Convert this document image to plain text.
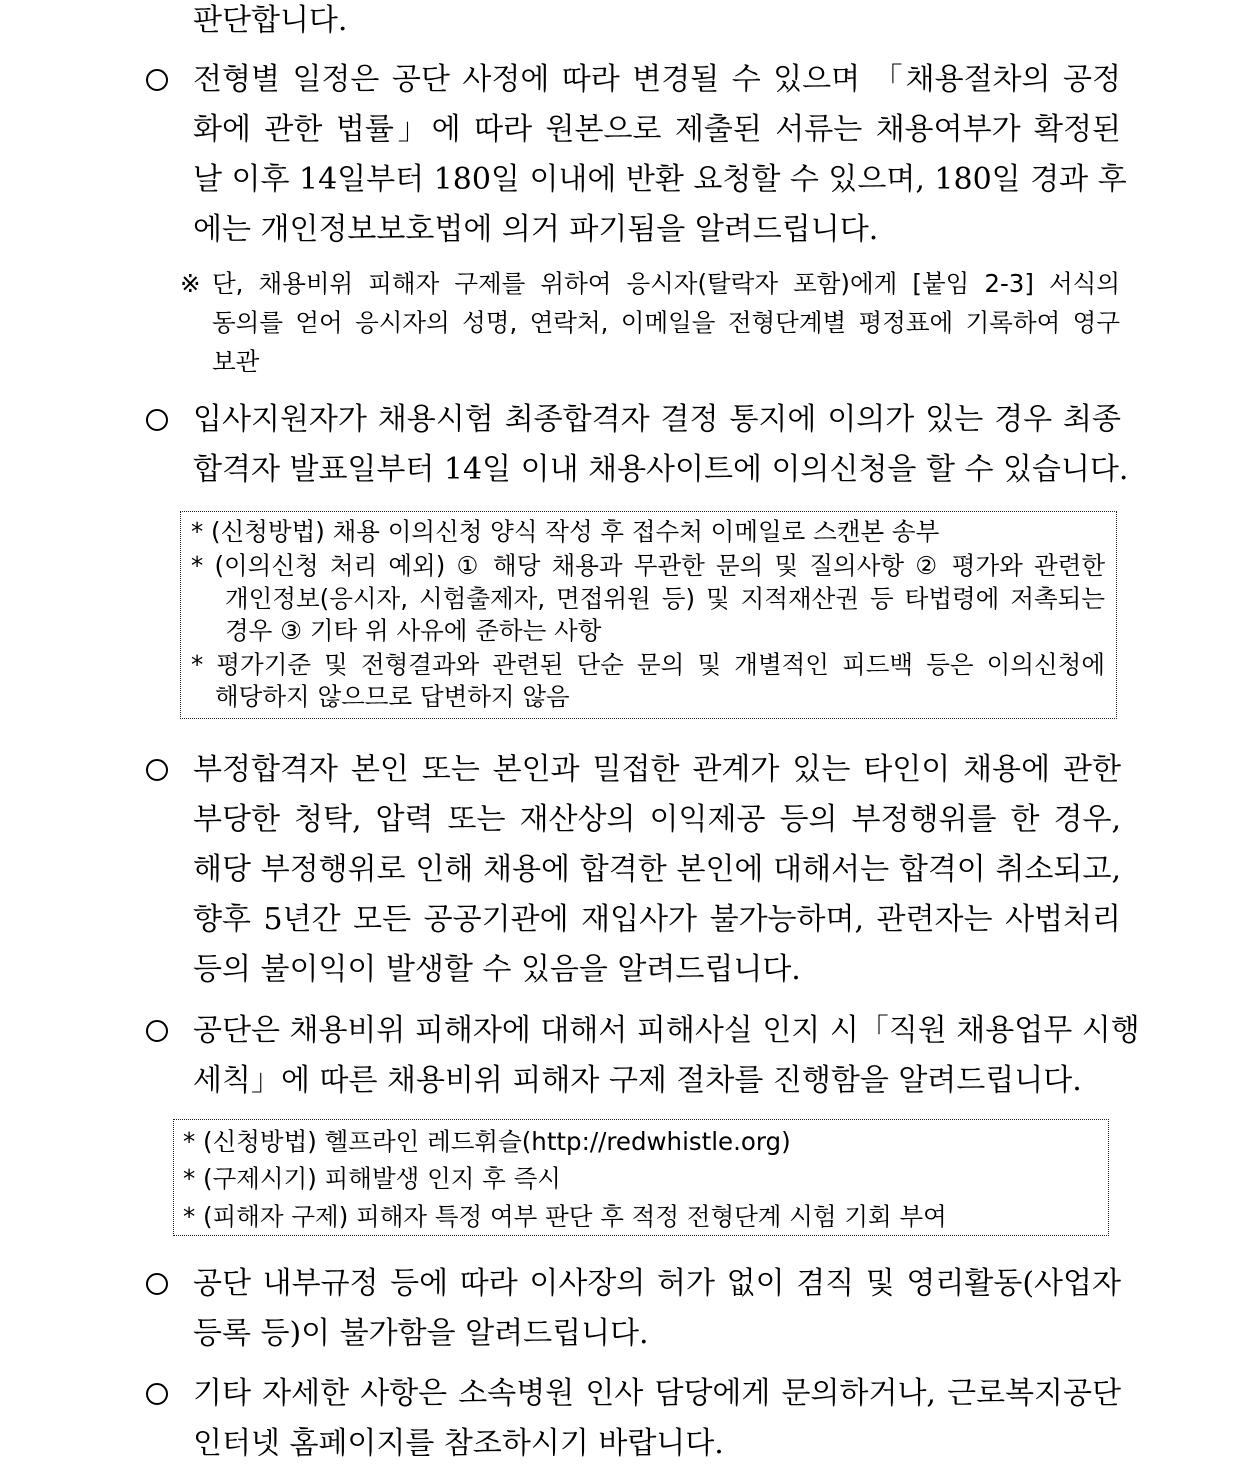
판단합니다.
전형별 일정은 공단 사정에 따라 변경될 수 있으며 「채용절차의 공정
화에 관한 법률」에 따라 원본으로 제출된 서류는 채용여부가 확정된
날 이후 14일부터 180일 이내에 반환 요청할 수 있으며, 180일 경과 후
에는 개인정보보호법에 의거 파기됨을 알려드립니다.
※ 단, 채용비위 피해자 구제를 위하여 응시자(탈락자 포함)에게 [붙임 2-3] 서식의
동의를 얻어 응시자의 성명, 연락처, 이메일을 전형단계별 평정표에 기록하여 영구
보관
입사지원자가 채용시험 최종합격자 결정 통지에 이의가 있는 경우 최종
합격자 발표일부터 14일 이내 채용사이트에 이의신청을 할 수 있습니다.
* (신청방법) 채용 이의신청 양식 작성 후 접수처 이메일로 스캔본 송부
* (이의신청 처리 예외) ① 해당 채용과 무관한 문의 및 질의사항 ② 평가와 관련한
개인정보(응시자, 시험출제자, 면접위원 등) 및 지적재산권 등 타법령에 저촉되는
경우 ③ 기타 위 사유에 준하는 사항
* 평가기준 및 전형결과와 관련된 단순 문의 및 개별적인 피드백 등은 이의신청에
해당하지 않으므로 답변하지 않음
부정합격자 본인 또는 본인과 밀접한 관계가 있는 타인이 채용에 관한
부당한 청탁, 압력 또는 재산상의 이익제공 등의 부정행위를 한 경우,
해당 부정행위로 인해 채용에 합격한 본인에 대해서는 합격이 취소되고,
향후 5년간 모든 공공기관에 재입사가 불가능하며, 관련자는 사법처리
등의 불이익이 발생할 수 있음을 알려드립니다.
공단은 채용비위 피해자에 대해서 피해사실 인지 시「직원 채용업무 시행
세칙」에 따른 채용비위 피해자 구제 절차를 진행함을 알려드립니다.
* (신청방법) 헬프라인 레드휘슬(http://redwhistle.org)
* (구제시기) 피해발생 인지 후 즉시
* (피해자 구제) 피해자 특정 여부 판단 후 적정 전형단계 시험 기회 부여
공단 내부규정 등에 따라 이사장의 허가 없이 겸직 및 영리활동(사업자
등록 등)이 불가함을 알려드립니다.
기타 자세한 사항은 소속병원 인사 담당에게 문의하거나, 근로복지공단
인터넷 홈페이지를 참조하시기 바랍니다.
